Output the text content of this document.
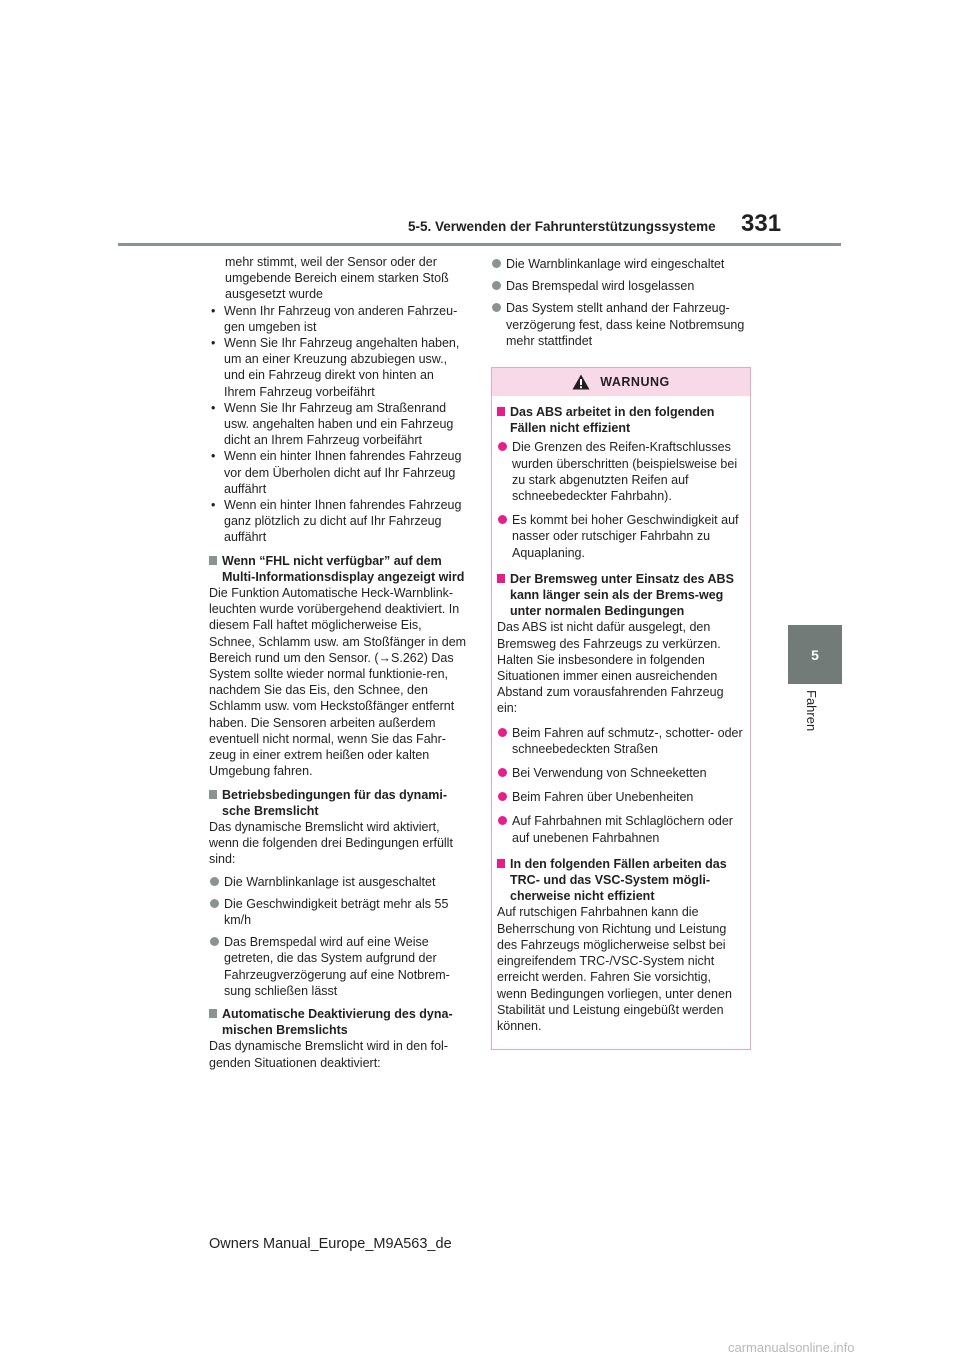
5-5. Verwenden der Fahrunterstützungssysteme 331
5
Fahren

mehr stimmt, weil der Sensor oder der umgebende Bereich einem starken Stoß ausgesetzt wurde

• Wenn Ihr Fahrzeug von anderen Fahrzeu-gen umgeben ist
• Wenn Sie Ihr Fahrzeug angehalten haben, um an einer Kreuzung abzubiegen usw., und ein Fahrzeug direkt von hinten an Ihrem Fahrzeug vorbeifährt
• Wenn Sie Ihr Fahrzeug am Straßenrand usw. angehalten haben und ein Fahrzeug dicht an Ihrem Fahrzeug vorbeifährt
• Wenn ein hinter Ihnen fahrendes Fahrzeug vor dem Überholen dicht auf Ihr Fahrzeug auffährt
• Wenn ein hinter Ihnen fahrendes Fahrzeug ganz plötzlich zu dicht auf Ihr Fahrzeug auffährt
Wenn “FHL nicht verfügbar” auf dem Multi-Informationsdisplay angezeigt wird

Die Funktion Automatische Heck-Warnblink-leuchten wurde vorübergehend deaktiviert. In diesem Fall haftet möglicherweise Eis, Schnee, Schlamm usw. am Stoßfänger in dem Bereich rund um den Sensor. (→S.262) Das System sollte wieder normal funktionie-ren, nachdem Sie das Eis, den Schnee, den Schlamm usw. vom Heckstoßfänger entfernt haben. Die Sensoren arbeiten außerdem eventuell nicht normal, wenn Sie das Fahr-zeug in einer extrem heißen oder kalten Umgebung fahren.

Betriebsbedingungen für das dynami-sche Bremslicht

Das dynamische Bremslicht wird aktiviert, wenn die folgenden drei Bedingungen erfüllt sind:

Die Warnblinkanlage ist ausgeschaltet
Die Geschwindigkeit beträgt mehr als 55 km/h
Das Bremspedal wird auf eine Weise getreten, die das System aufgrund der Fahrzeugverzögerung auf eine Notbrem-sung schließen lässt
Automatische Deaktivierung des dyna-mischen Bremslichts

Das dynamische Bremslicht wird in den fol-genden Situationen deaktiviert:

Die Warnblinkanlage wird eingeschaltet
Das Bremspedal wird losgelassen
Das System stellt anhand der Fahrzeug-verzögerung fest, dass keine Notbremsung mehr stattfindet
WARNUNG
Das ABS arbeitet in den folgenden Fällen nicht effizient
Die Grenzen des Reifen-Kraftschlusses wurden überschritten (beispielsweise bei zu stark abgenutzten Reifen auf schneebedeckter Fahrbahn).
Es kommt bei hoher Geschwindigkeit auf nasser oder rutschiger Fahrbahn zu Aquaplaning.
Der Bremsweg unter Einsatz des ABS kann länger sein als der Brems-weg unter normalen Bedingungen

Das ABS ist nicht dafür ausgelegt, den Bremsweg des Fahrzeugs zu verkürzen. Halten Sie insbesondere in folgenden Situationen immer einen ausreichenden Abstand zum vorausfahrenden Fahrzeug ein:

Beim Fahren auf schmutz-, schotter- oder schneebedeckten Straßen
Bei Verwendung von Schneeketten
Beim Fahren über Unebenheiten
Auf Fahrbahnen mit Schlaglöchern oder auf unebenen Fahrbahnen
In den folgenden Fällen arbeiten das TRC- und das VSC-System mögli-cherweise nicht effizient

Auf rutschigen Fahrbahnen kann die Beherrschung von Richtung und Leistung des Fahrzeugs möglicherweise selbst bei eingreifendem TRC-/VSC-System nicht erreicht werden. Fahren Sie vorsichtig, wenn Bedingungen vorliegen, unter denen Stabilität und Leistung eingebüßt werden können.

Owners Manual_Europe_M9A563_de
carmanualsonline.info
